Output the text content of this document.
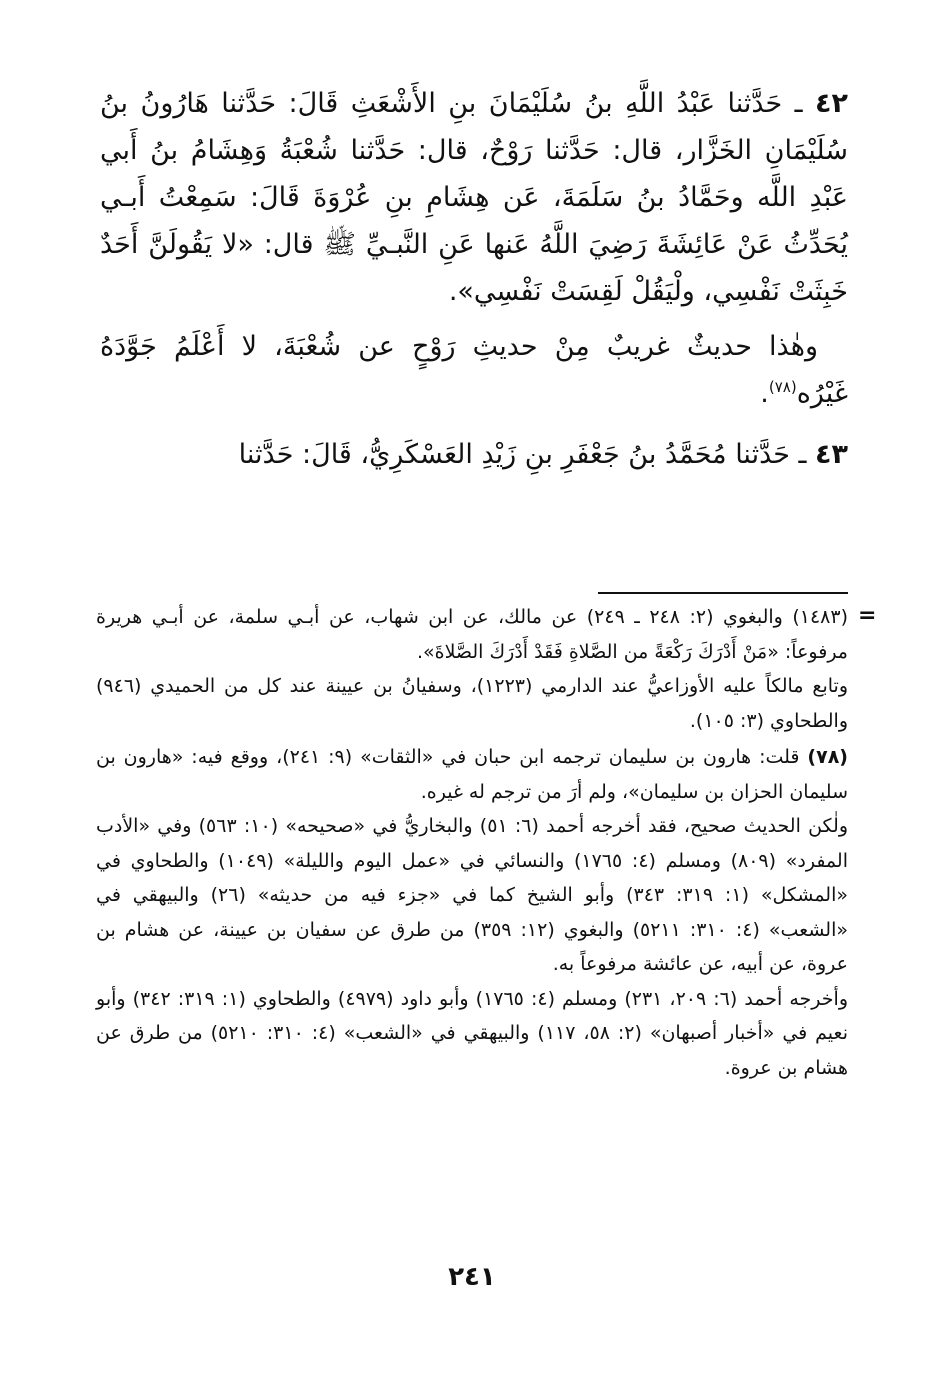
٤٢ ـ حَدَّثنا عَبْدُ اللَّهِ بنُ سُلَيْمَانَ بنِ الأَشْعَثِ قَالَ: حَدَّثنا هَارُونُ بنُ سُلَيْمَانِ الخَزَّار، قال: حَدَّثنا رَوْحٌ، قال: حَدَّثنا شُعْبَةُ وَهِشَامُ بنُ أَبي عَبْدِ اللَّه وحَمَّادُ بنُ سَلَمَةَ، عَن هِشَامِ بنِ عُرْوَةَ قَالَ: سَمِعْتُ أَبـي يُحَدِّثُ عَنْ عَائِشَةَ رَضِيَ اللَّهُ عَنها عَنِ النَّبـيِّ ﷺ قال: «لا يَقُولَنَّ أَحَدٌ خَبِثَتْ نَفْسِي، ولْيَقُلْ لَقِسَتْ نَفْسِي».

وهٰذا حديثٌ غريبٌ مِنْ حديثِ رَوْحٍ عن شُعْبَةَ، لا أَعْلَمُ جَوَّدَهُ غَيْرُه$^{(٧٨)}$.

٤٣ ـ حَدَّثنا مُحَمَّدُ بنُ جَعْفَرِ بنِ زَيْدِ العَسْكَرِيُّ، قَالَ: حَدَّثنا

=

(١٤٨٣) والبغوي (٢: ٢٤٨ ـ ٢٤٩) عن مالك، عن ابن شهاب، عن أبـي سلمة، عن أبـي هريرة مرفوعاً: «مَنْ أَدْرَكَ رَكْعَةً من الصَّلاةِ فَقَدْ أَدْرَكَ الصَّلاةَ».

وتابع مالكاً عليه الأوزاعيُّ عند الدارمي (١٢٢٣)، وسفيانُ بن عيينة عند كل من الحميدي (٩٤٦) والطحاوي (٣: ١٠٥).

(٧٨) قلت: هارون بن سليمان ترجمه ابن حبان في «الثقات» (٩: ٢٤١)، ووقع فيه: «هارون بن سليمان الحزان بن سليمان»، ولم أرَ من ترجم له غيره.

ولٰكن الحديث صحيح، فقد أخرجه أحمد (٦: ٥١) والبخاريُّ في «صحيحه» (١٠: ٥٦٣) وفي «الأدب المفرد» (٨٠٩) ومسلم (٤: ١٧٦٥) والنسائي في «عمل اليوم والليلة» (١٠٤٩) والطحاوي في «المشكل» (١: ٣١٩: ٣٤٣) وأبو الشيخ كما في «جزء فيه من حديثه» (٢٦) والبيهقي في «الشعب» (٤: ٣١٠: ٥٢١١) والبغوي (١٢: ٣٥٩) من طرق عن سفيان بن عيينة، عن هشام بن عروة، عن أبيه، عن عائشة مرفوعاً به.

وأخرجه أحمد (٦: ٢٠٩، ٢٣١) ومسلم (٤: ١٧٦٥) وأبو داود (٤٩٧٩) والطحاوي (١: ٣١٩: ٣٤٢) وأبو نعيم في «أخبار أصبهان» (٢: ٥٨، ١١٧) والبيهقي في «الشعب» (٤: ٣١٠: ٥٢١٠) من طرق عن هشام بن عروة.

٢٤١
